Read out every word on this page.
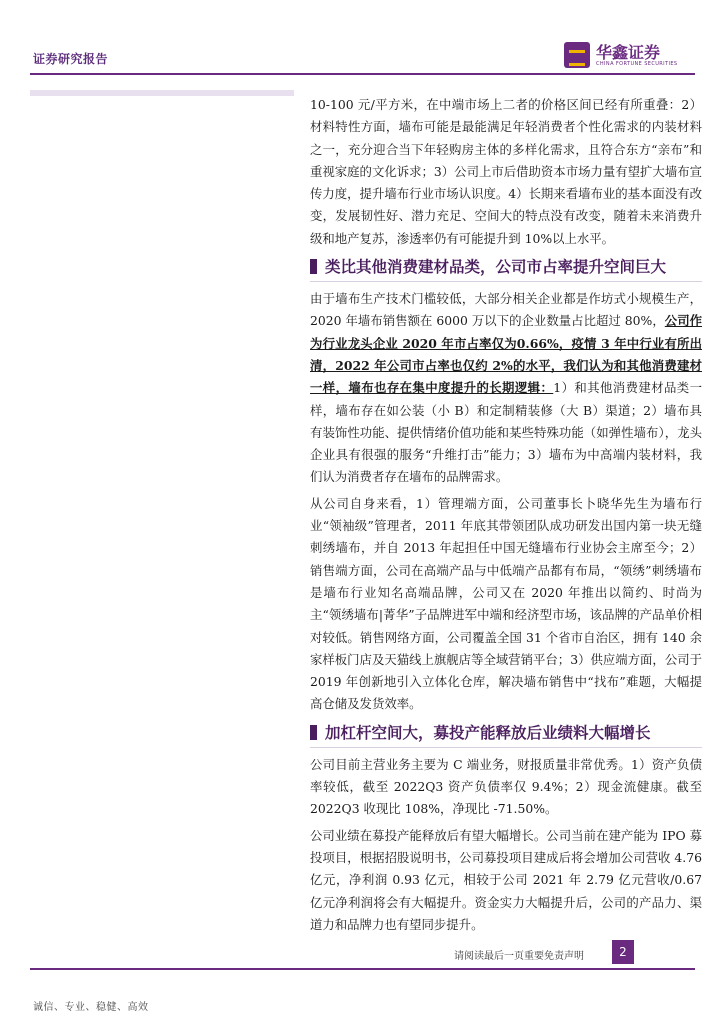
证券研究报告	华鑫证券
CHINA FORTUNE SECURITIES

10-100 元/平方米，在中端市场上二者的价格区间已经有所重叠：2）材料特性方面，墙布可能是最能满足年轻消费者个性化需求的内装材料之一，充分迎合当下年轻购房主体的多样化需求，且符合东方“亲布”和重视家庭的文化诉求；3）公司上市后借助资本市场力量有望扩大墙布宣传力度，提升墙布行业市场认识度。4）长期来看墙布业的基本面没有改变，发展韧性好、潜力充足、空间大的特点没有改变，随着未来消费升级和地产复苏，渗透率仍有可能提升到 10%以上水平。

类比其他消费建材品类，公司市占率提升空间巨大

由于墙布生产技术门槛较低，大部分相关企业都是作坊式小规模生产，2020 年墙布销售额在 6000 万以下的企业数量占比超过 80%，公司作为行业龙头企业 2020 年市占率仅为0.66%，疫情 3 年中行业有所出清，2022 年公司市占率也仅约 2%的水平，我们认为和其他消费建材一样，墙布也存在集中度提升的长期逻辑：1）和其他消费建材品类一样，墙布存在如公装（小 B）和定制精装修（大 B）渠道；2）墙布具有装饰性功能、提供情绪价值功能和某些特殊功能（如弹性墙布），龙头企业具有很强的服务“升维打击”能力；3）墙布为中高端内装材料，我们认为消费者存在墙布的品牌需求。

从公司自身来看，1）管理端方面，公司董事长卜晓华先生为墙布行业“领袖级”管理者，2011 年底其带领团队成功研发出国内第一块无缝刺绣墙布，并自 2013 年起担任中国无缝墙布行业协会主席至今；2）销售端方面，公司在高端产品与中低端产品都有布局，“领绣”刺绣墙布是墙布行业知名高端品牌，公司又在 2020 年推出以简约、时尚为主“领绣墙布|菁华”子品牌进军中端和经济型市场，该品牌的产品单价相对较低。销售网络方面，公司覆盖全国 31 个省市自治区，拥有 140 余家样板门店及天猫线上旗舰店等全域营销平台；3）供应端方面，公司于 2019 年创新地引入立体化仓库，解决墙布销售中“找布”难题，大幅提高仓储及发货效率。

加杠杆空间大，募投产能释放后业绩料大幅增长

公司目前主营业务主要为 C 端业务，财报质量非常优秀。1）资产负债率较低，截至 2022Q3 资产负债率仅 9.4%；2）现金流健康。截至 2022Q3 收现比 108%，净现比 -71.50%。

公司业绩在募投产能释放后有望大幅增长。公司当前在建产能为 IPO 募投项目，根据招股说明书，公司募投项目建成后将会增加公司营收 4.76 亿元，净利润 0.93 亿元，相较于公司 2021 年 2.79 亿元营收/0.67 亿元净利润将会有大幅提升。资金实力大幅提升后，公司的产品力、渠道力和品牌力也有望同步提升。

请阅读最后一页重要免责声明	2
诚信、专业、稳健、高效
